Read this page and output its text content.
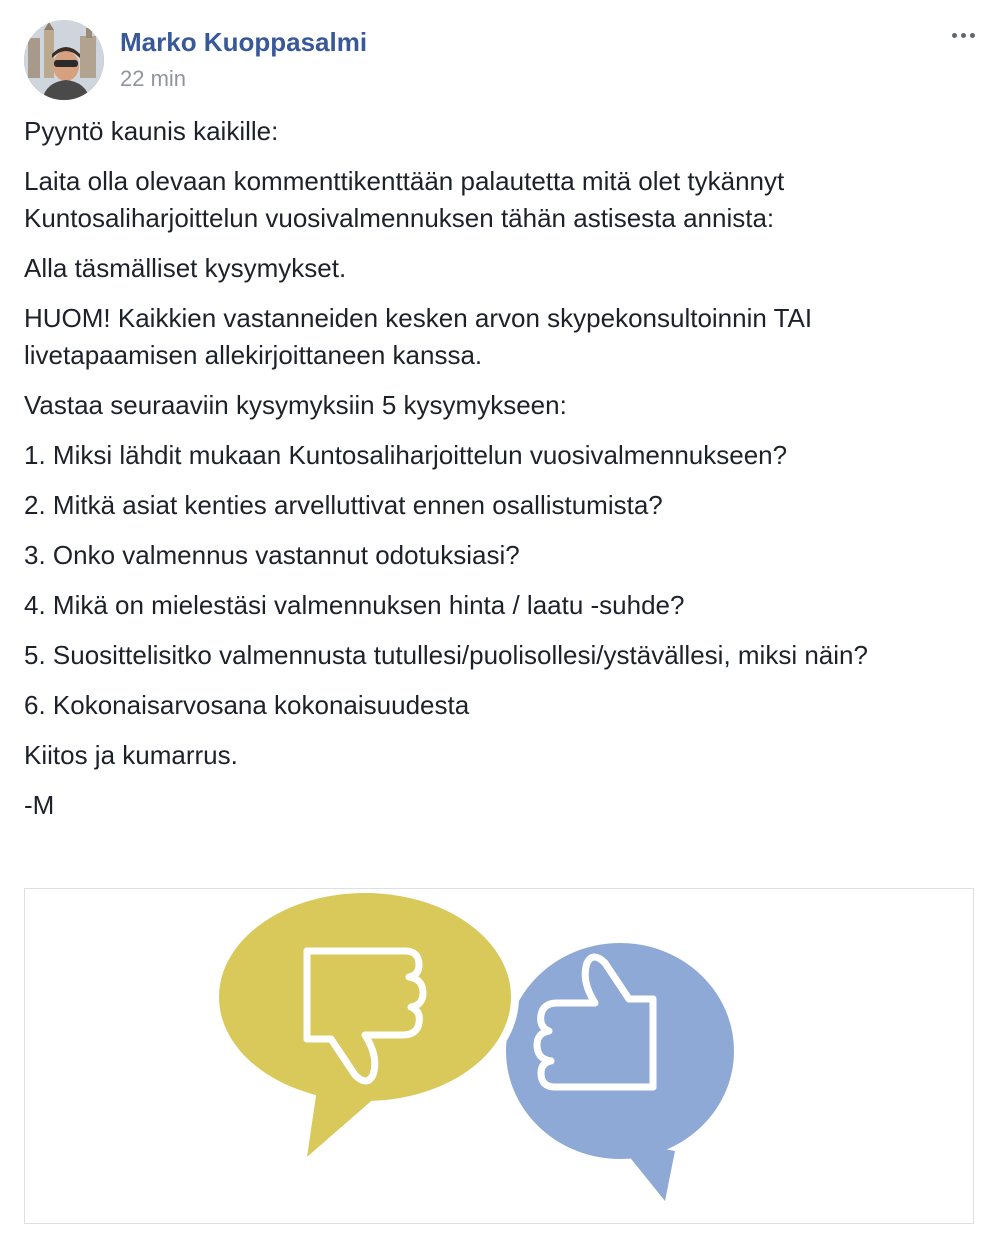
Marko Kuoppasalmi
22 min

Pyyntö kaunis kaikille:

Laita olla olevaan kommenttikenttään palautetta mitä olet tykännyt Kuntosaliharjoittelun vuosivalmennuksen tähän astisesta annista:

Alla täsmälliset kysymykset.

HUOM! Kaikkien vastanneiden kesken arvon skypekonsultoinnin TAI livetapaamisen allekirjoittaneen kanssa.

Vastaa seuraaviin kysymyksiin 5 kysymykseen:

1. Miksi lähdit mukaan Kuntosaliharjoittelun vuosivalmennukseen?

2. Mitkä asiat kenties arvelluttivat ennen osallistumista?

3. Onko valmennus vastannut odotuksiasi?

4. Mikä on mielestäsi valmennuksen hinta / laatu -suhde?

5. Suosittelisitko valmennusta tutullesi/puolisollesi/ystävällesi, miksi näin?

6. Kokonaisarvosana kokonaisuudesta

Kiitos ja kumarrus.

-M
